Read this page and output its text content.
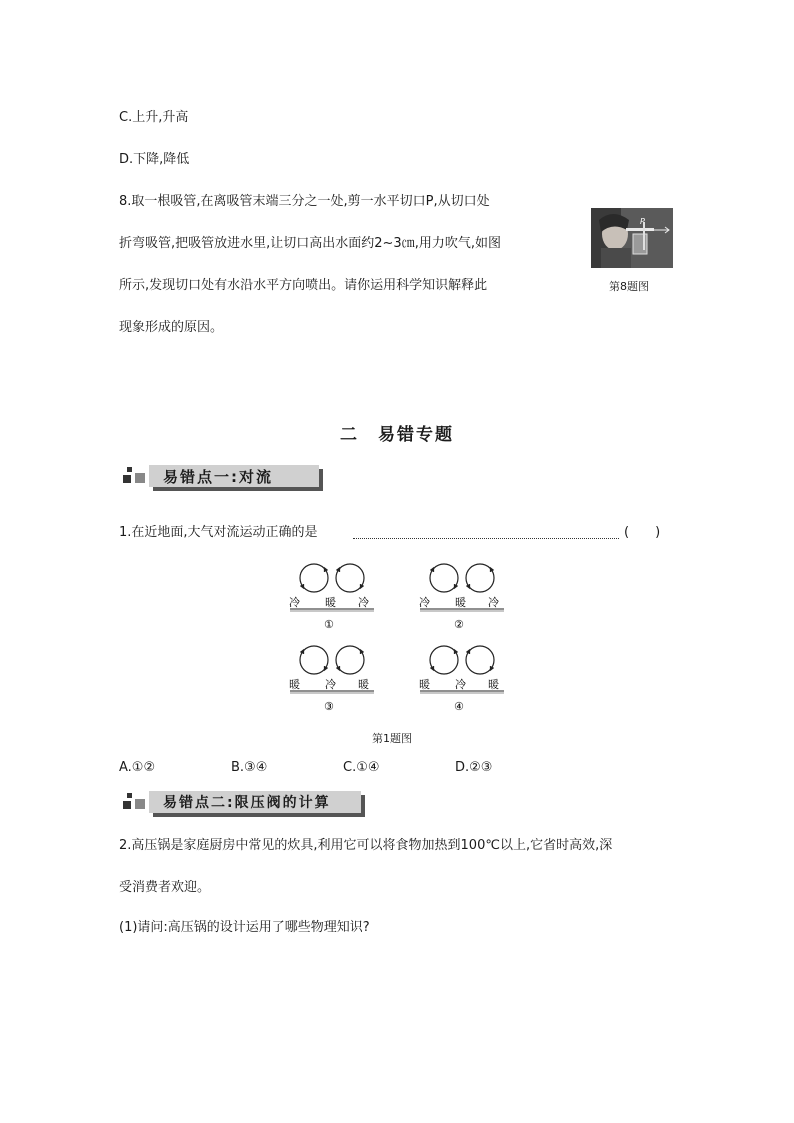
C.上升,升高
D.下降,降低
8.取一根吸管,在离吸管末端三分之一处,剪一水平切口P,从切口处
折弯吸管,把吸管放进水里,让切口高出水面约2~3㎝,用力吹气,如图
所示,发现切口处有水沿水平方向喷出。请你运用科学知识解释此
现象形成的原因。
P
第8题图
二　易错专题
易错点一:对流
1.在近地面,大气对流运动正确的是	(　　)
冷 暖 冷
①
冷 暖 冷
②
暖 冷 暖
③
暖 冷 暖
④
第1题图
A.①②	B.③④	C.①④	D.②③
易错点二:限压阀的计算
2.高压锅是家庭厨房中常见的炊具,利用它可以将食物加热到100℃以上,它省时高效,深
受消费者欢迎。
(1)请问:高压锅的设计运用了哪些物理知识?
